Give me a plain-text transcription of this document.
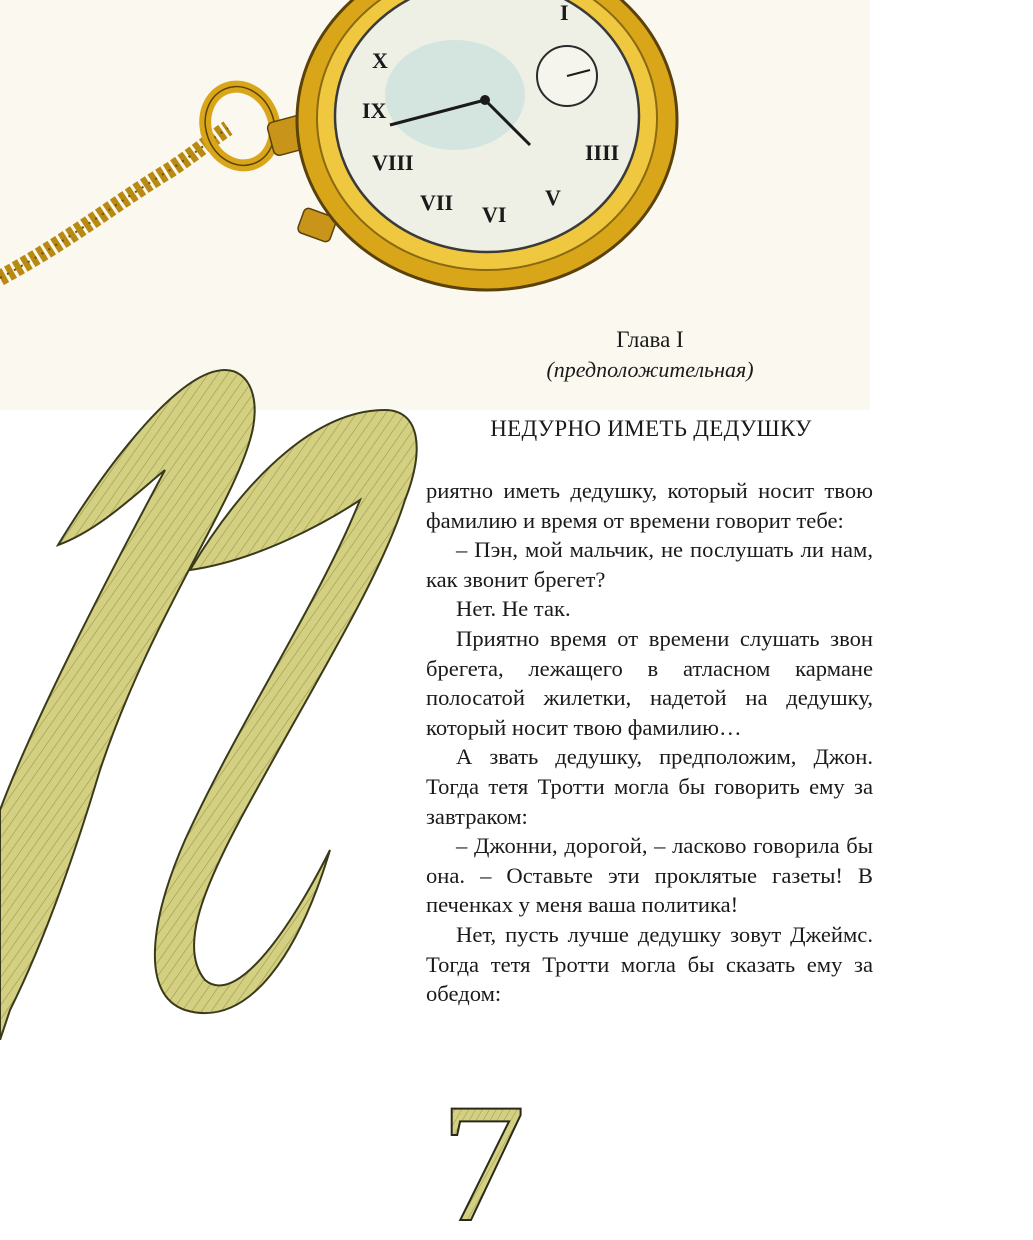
IX
VIII
VII VI
V
IIII
X
I
Глава I
(предположительная)
НЕДУРНО ИМЕТЬ ДЕДУШКУ

риятно иметь дедушку, который носит твою фамилию и время от времени говорит тебе:

– Пэн, мой мальчик, не послушать ли нам, как звонит брегет?

Нет. Не так.

Приятно время от времени слушать звон брегета, лежащего в атласном кармане полосатой жилетки, надетой на дедушку, который носит твою фамилию…

А звать дедушку, предположим, Джон. Тогда тетя Тротти могла бы говорить ему за завтраком:

– Джонни, дорогой, – ласково говорила бы она. – Оставьте эти проклятые газеты! В печенках у меня ваша политика!

Нет, пусть лучше дедушку зовут Джеймс. Тогда тетя Тротти могла бы сказать ему за обедом:

7
